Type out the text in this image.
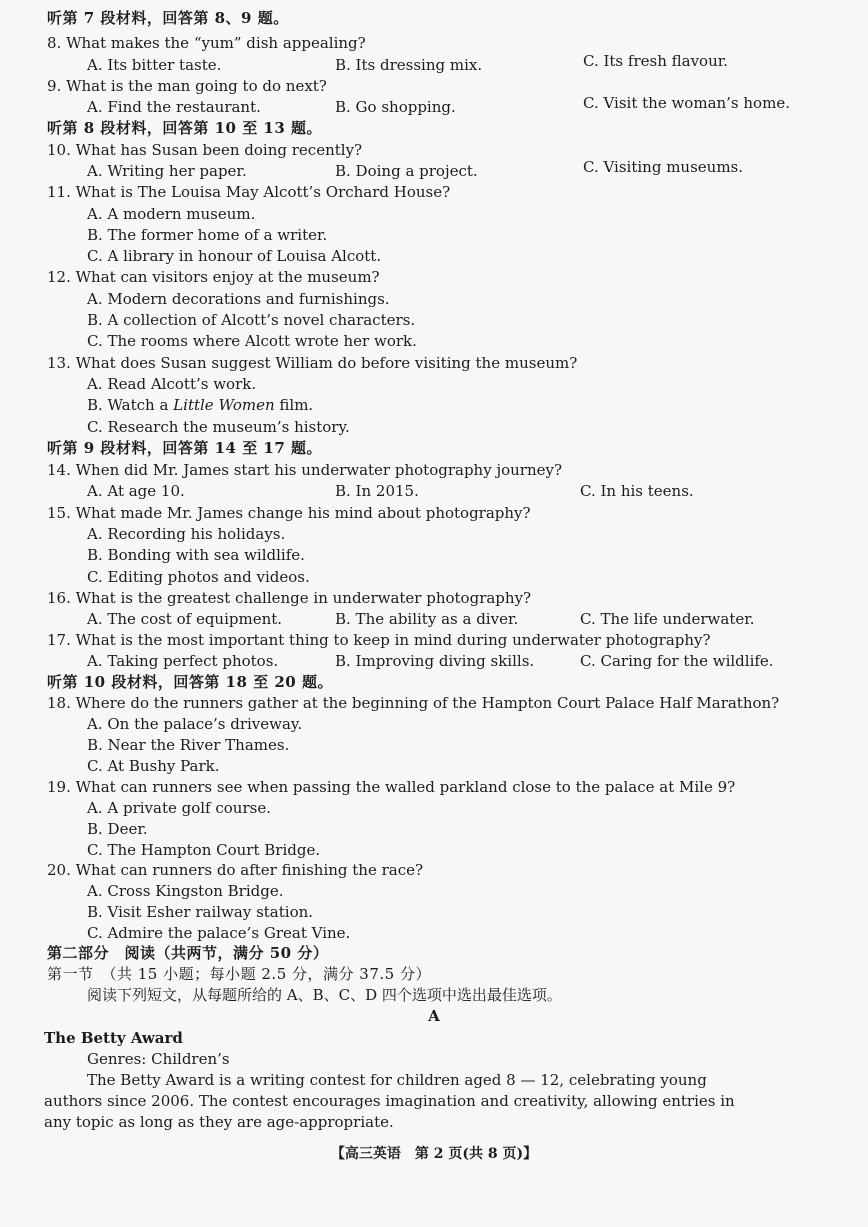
听第 7 段材料，回答第 8、9 题。
8. What makes the “yum” dish appealing?
A. Its bitter taste.	B. Its dressing mix.	C. Its fresh flavour.
9. What is the man going to do next?
A. Find the restaurant.	B. Go shopping.	C. Visit the woman’s home.
听第 8 段材料，回答第 10 至 13 题。
10. What has Susan been doing recently?
A. Writing her paper.	B. Doing a project.	C. Visiting museums.
11. What is The Louisa May Alcott’s Orchard House?
A. A modern museum.
B. The former home of a writer.
C. A library in honour of Louisa Alcott.
12. What can visitors enjoy at the museum?
A. Modern decorations and furnishings.
B. A collection of Alcott’s novel characters.
C. The rooms where Alcott wrote her work.
13. What does Susan suggest William do before visiting the museum?
A. Read Alcott’s work.
B. Watch a Little Women film.
C. Research the museum’s history.
听第 9 段材料，回答第 14 至 17 题。
14. When did Mr. James start his underwater photography journey?
A. At age 10.	B. In 2015.	C. In his teens.
15. What made Mr. James change his mind about photography?
A. Recording his holidays.
B. Bonding with sea wildlife.
C. Editing photos and videos.
16. What is the greatest challenge in underwater photography?
A. The cost of equipment.	B. The ability as a diver.	C. The life underwater.
17. What is the most important thing to keep in mind during underwater photography?
A. Taking perfect photos.	B. Improving diving skills.	C. Caring for the wildlife.
听第 10 段材料，回答第 18 至 20 题。
18. Where do the runners gather at the beginning of the Hampton Court Palace Half Marathon?
A. On the palace’s driveway.
B. Near the River Thames.
C. At Bushy Park.
19. What can runners see when passing the walled parkland close to the palace at Mile 9?
A. A private golf course.
B. Deer.
C. The Hampton Court Bridge.
20. What can runners do after finishing the race?
A. Cross Kingston Bridge.
B. Visit Esher railway station.
C. Admire the palace’s Great Vine.
第二部分　阅读（共两节，满分 50 分）
第一节　（共 15 小题；每小题 2.5 分，满分 37.5 分）
阅读下列短文，从每题所给的 A、B、C、D 四个选项中选出最佳选项。
A
The Betty Award
Genres: Children’s
The Betty Award is a writing contest for children aged 8 — 12, celebrating young
authors since 2006. The contest encourages imagination and creativity, allowing entries in
any topic as long as they are age-appropriate.
【高三英语　第 2 页(共 8 页)】
